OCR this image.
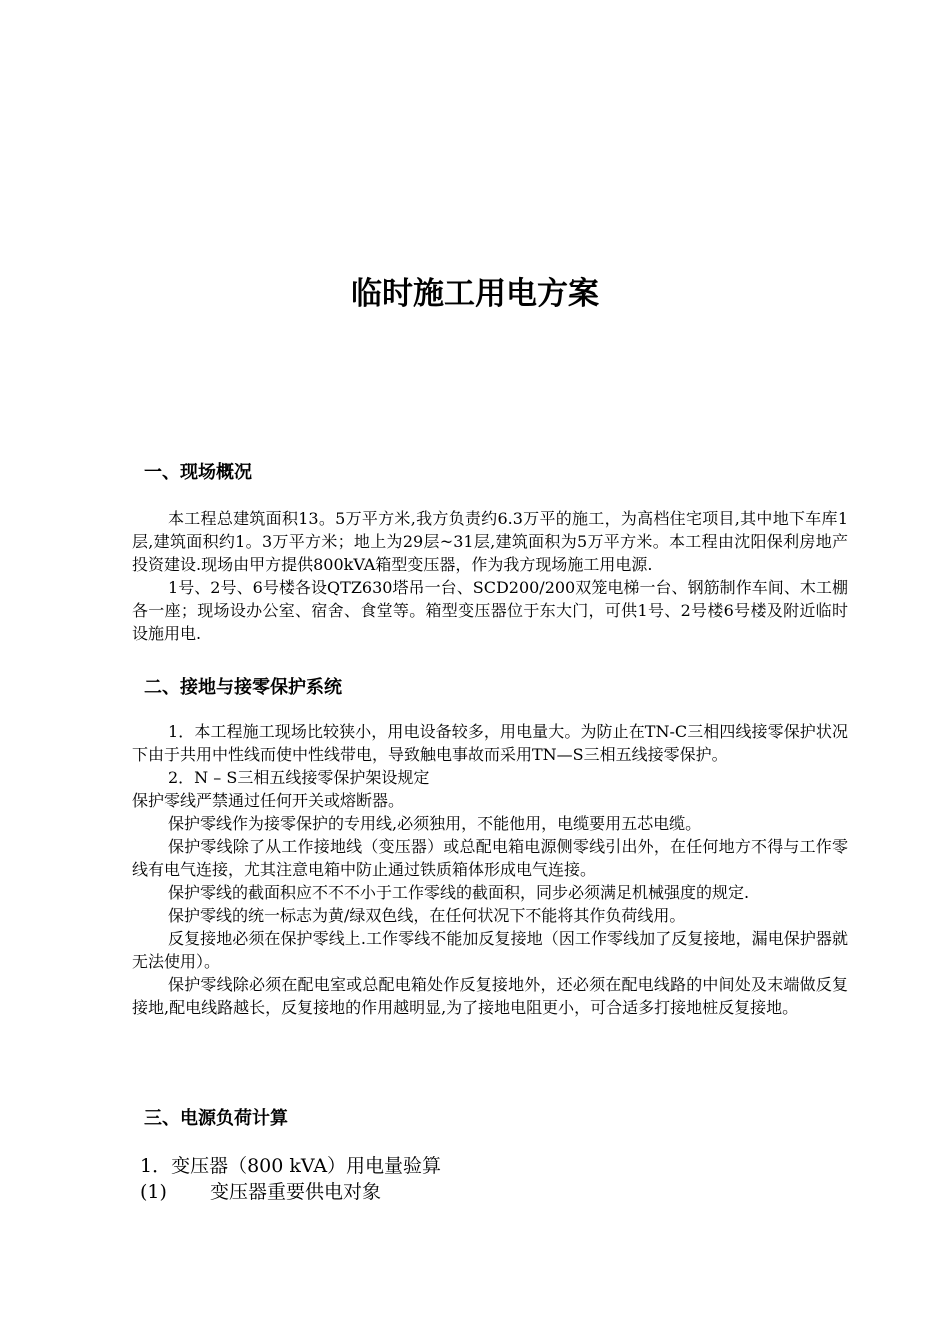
临时施工用电方案
一、现场概况

本工程总建筑面积13。5万平方米,我方负责约6.3万平的施工，为高档住宅项目,其中地下车库1层,建筑面积约1。3万平方米；地上为29层~31层,建筑面积为5万平方米。本工程由沈阳保利房地产投资建设.现场由甲方提供800kVA箱型变压器，作为我方现场施工用电源.

1号、2号、6号楼各设QTZ630塔吊一台、SCD200/200双笼电梯一台、钢筋制作车间、木工棚各一座；现场设办公室、宿舍、食堂等。箱型变压器位于东大门，可供1号、2号楼6号楼及附近临时设施用电.

二、接地与接零保护系统

1．本工程施工现场比较狭小，用电设备较多，用电量大。为防止在TN-C三相四线接零保护状况下由于共用中性线而使中性线带电，导致触电事故而采用TN—S三相五线接零保护。

2．N – S三相五线接零保护架设规定

保护零线严禁通过任何开关或熔断器。

保护零线作为接零保护的专用线,必须独用，不能他用，电缆要用五芯电缆。

保护零线除了从工作接地线（变压器）或总配电箱电源侧零线引出外，在任何地方不得与工作零线有电气连接，尤其注意电箱中防止通过铁质箱体形成电气连接。

保护零线的截面积应不不不小于工作零线的截面积，同步必须满足机械强度的规定.

保护零线的统一标志为黄/绿双色线，在任何状况下不能将其作负荷线用。

反复接地必须在保护零线上.工作零线不能加反复接地（因工作零线加了反复接地，漏电保护器就无法使用）。

保护零线除必须在配电室或总配电箱处作反复接地外，还必须在配电线路的中间处及末端做反复接地,配电线路越长，反复接地的作用越明显,为了接地电阻更小，可合适多打接地桩反复接地。

三、电源负荷计算

1．变压器（800 kVA）用电量验算

(1) 变压器重要供电对象
